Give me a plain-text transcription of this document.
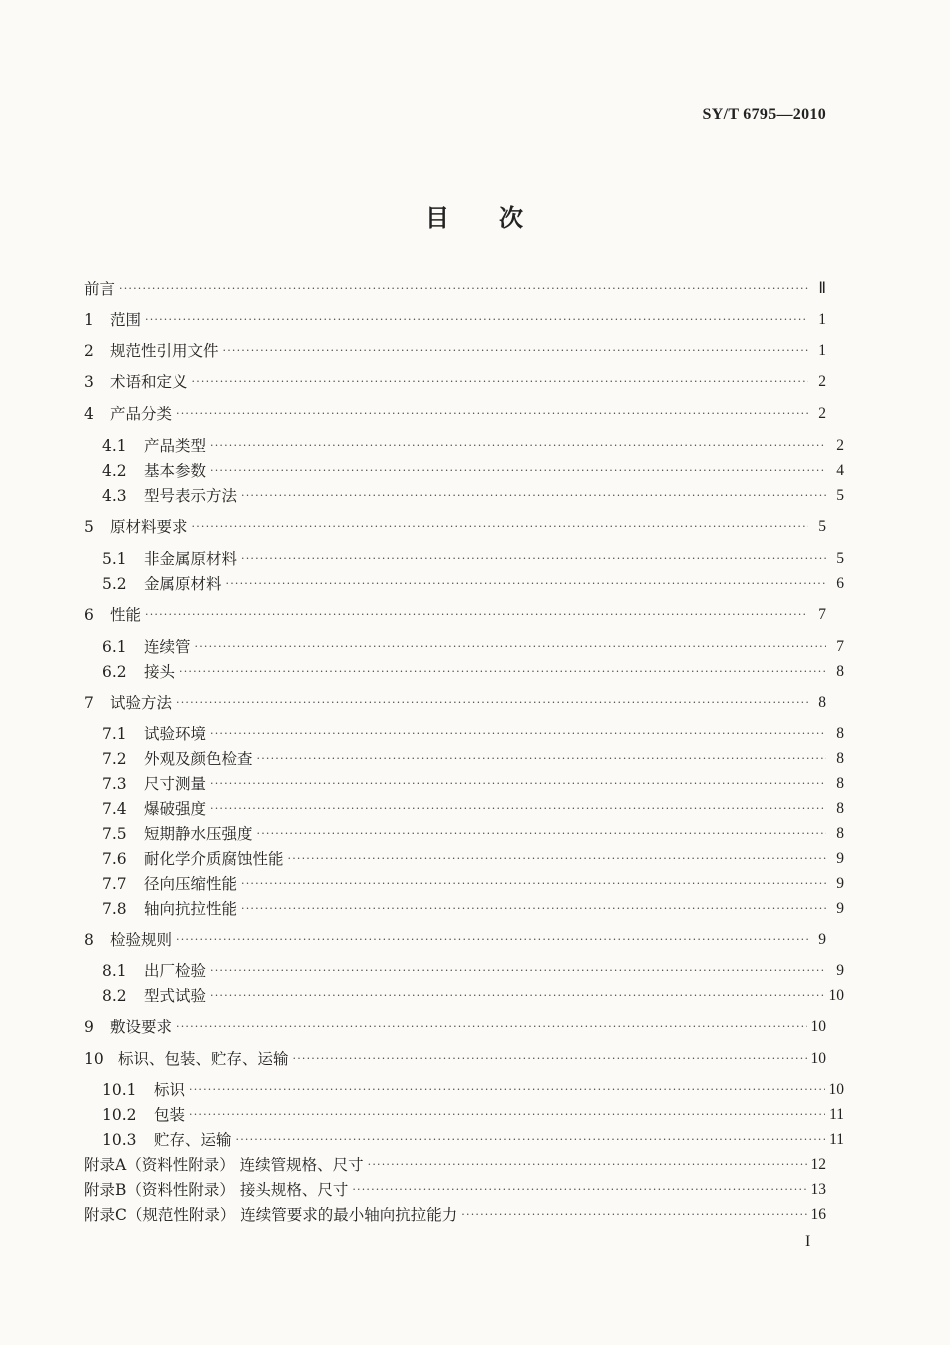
SY/T 6795—2010
目 次
前言 ·····	Ⅱ
1	范围 ·····	1
2	规范性引用文件 ·····	1
3	术语和定义 ·····	2
4	产品分类 ·····	2
4.1	产品类型 ·····	2
4.2	基本参数 ·····	4
4.3	型号表示方法 ·····	5
5	原材料要求 ·····	5
5.1	非金属原材料 ·····	5
5.2	金属原材料 ·····	6
6	性能 ·····	7
6.1	连续管 ·····	7
6.2	接头 ·····	8
7	试验方法 ·····	8
7.1	试验环境 ·····	8
7.2	外观及颜色检查 ·····	8
7.3	尺寸测量 ·····	8
7.4	爆破强度 ·····	8
7.5	短期静水压强度 ·····	8
7.6	耐化学介质腐蚀性能 ·····	9
7.7	径向压缩性能 ·····	9
7.8	轴向抗拉性能 ·····	9
8	检验规则 ·····	9
8.1	出厂检验 ·····	9
8.2	型式试验 ·····	10
9	敷设要求 ·····	10
10 标识、包装、贮存、运输 ·····	10
10.1	标识 ·····	10
10.2	包装 ·····	11
10.3	贮存、运输 ·····	11
附录A（资料性附录） 连续管规格、尺寸 ·····	12
附录B（资料性附录） 接头规格、尺寸 ·····	13
附录C（规范性附录） 连续管要求的最小轴向抗拉能力 ·····	16
I
